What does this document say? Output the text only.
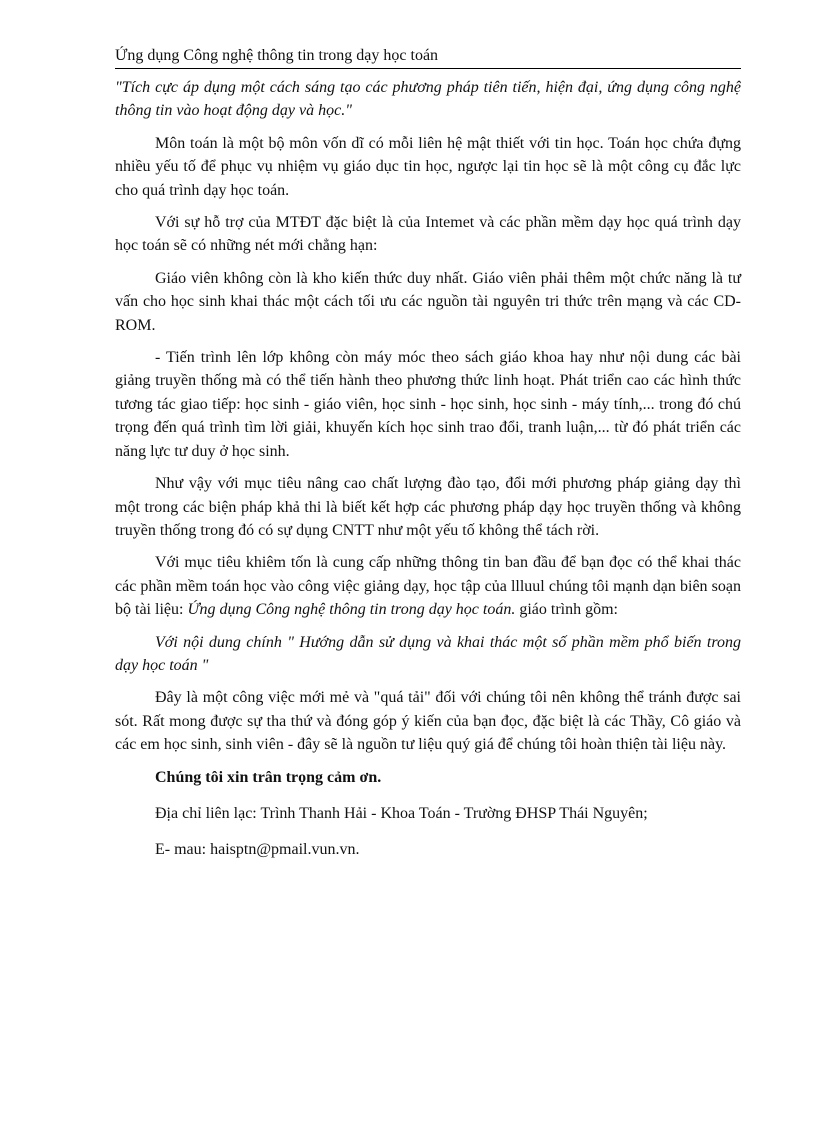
Ứng dụng Công nghệ thông tin trong dạy học toán

"Tích cực áp dụng một cách sáng tạo các phương pháp tiên tiến, hiện đại, ứng dụng công nghệ thông tin vào hoạt động dạy và học."

Môn toán là một bộ môn vốn dĩ có mỗi liên hệ mật thiết với tin học. Toán học chứa đựng nhiều yếu tố để phục vụ nhiệm vụ giáo dục tin học, ngược lại tin học sẽ là một công cụ đắc lực cho quá trình dạy học toán.

Với sự hỗ trợ của MTĐT đặc biệt là của Intemet và các phần mềm dạy học quá trình dạy học toán sẽ có những nét mới chẳng hạn:

Giáo viên không còn là kho kiến thức duy nhất. Giáo viên phải thêm một chức năng là tư vấn cho học sinh khai thác một cách tối ưu các nguồn tài nguyên tri thức trên mạng và các CD-ROM.

- Tiến trình lên lớp không còn máy móc theo sách giáo khoa hay như nội dung các bài giảng truyền thống mà có thể tiến hành theo phương thức linh hoạt. Phát triển cao các hình thức tương tác giao tiếp: học sinh - giáo viên, học sinh - học sinh, học sinh - máy tính,... trong đó chú trọng đến quá trình tìm lời giải, khuyến kích học sinh trao đổi, tranh luận,... từ đó phát triển các năng lực tư duy ở học sinh.

Như vậy với mục tiêu nâng cao chất lượng đào tạo, đổi mới phương pháp giảng dạy thì một trong các biện pháp khả thi là biết kết hợp các phương pháp dạy học truyền thống và không truyền thống trong đó có sự dụng CNTT như một yếu tố không thể tách rời.

Với mục tiêu khiêm tốn là cung cấp những thông tin ban đầu để bạn đọc có thể khai thác các phần mềm toán học vào công việc giảng dạy, học tập của llluul chúng tôi mạnh dạn biên soạn bộ tài liệu: Ứng dụng Công nghệ thông tin trong dạy học toán. giáo trình gồm:

Với nội dung chính " Hướng dẫn sử dụng và khai thác một số phần mềm phổ biến trong dạy học toán "

Đây là một công việc mới mẻ và "quá tải" đối với chúng tôi nên không thể tránh được sai sót. Rất mong được sự tha thứ và đóng góp ý kiến của bạn đọc, đặc biệt là các Thầy, Cô giáo và các em học sinh, sinh viên - đây sẽ là nguồn tư liệu quý giá để chúng tôi hoàn thiện tài liệu này.

Chúng tôi xin trân trọng cảm ơn.

Địa chỉ liên lạc: Trình Thanh Hải - Khoa Toán - Trường ĐHSP Thái Nguyên;

E- mau: haisptn@pmail.vun.vn.
